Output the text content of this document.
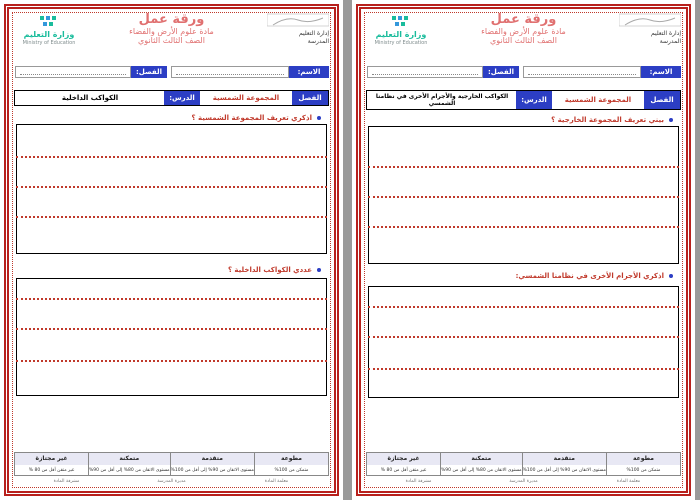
إدارة التعليم
المدرسة
ورقة عمل
مادة علوم الأرض والفضاء
الصف الثالث الثانوي
وزارة التعليم
Ministry of Education
الاسم:
الفصل:
الفصل
المجموعة الشمسية
الدرس:
الكواكب الداخلية
اذكري تعريف المجموعة الشمسية ؟
عددي الكواكب الداخلية ؟
مطوعة
متمكن من 100%
متقدمة
مستوى الاتقان من 90% إلى أقل من 100%
متمكنة
مستوى الاتقان من 80% إلى أقل من 90%
غير مجتازة
غير متقن أقل من 80 %
معلمة المادة
مديرة المدرسة
مشرفة المادة
إدارة التعليم
المدرسة
ورقة عمل
مادة علوم الأرض والفضاء
الصف الثالث الثانوي
وزارة التعليم
Ministry of Education
الاسم:
الفصل:
الفصل
المجموعة الشمسية
الدرس:
الكواكب الخارجية والأجرام الأخرى في نظامنا الشمسي
بيني تعريف المجموعة الخارجية ؟
اذكري الأجرام الأخرى في نظامنا الشمسي:
مطوعة
متمكن من 100%
متقدمة
مستوى الاتقان من 90% إلى أقل من 100%
متمكنة
مستوى الاتقان من 80% إلى أقل من 90%
غير مجتازة
غير متقن أقل من 80 %
معلمة المادة
مديرة المدرسة
مشرفة المادة
